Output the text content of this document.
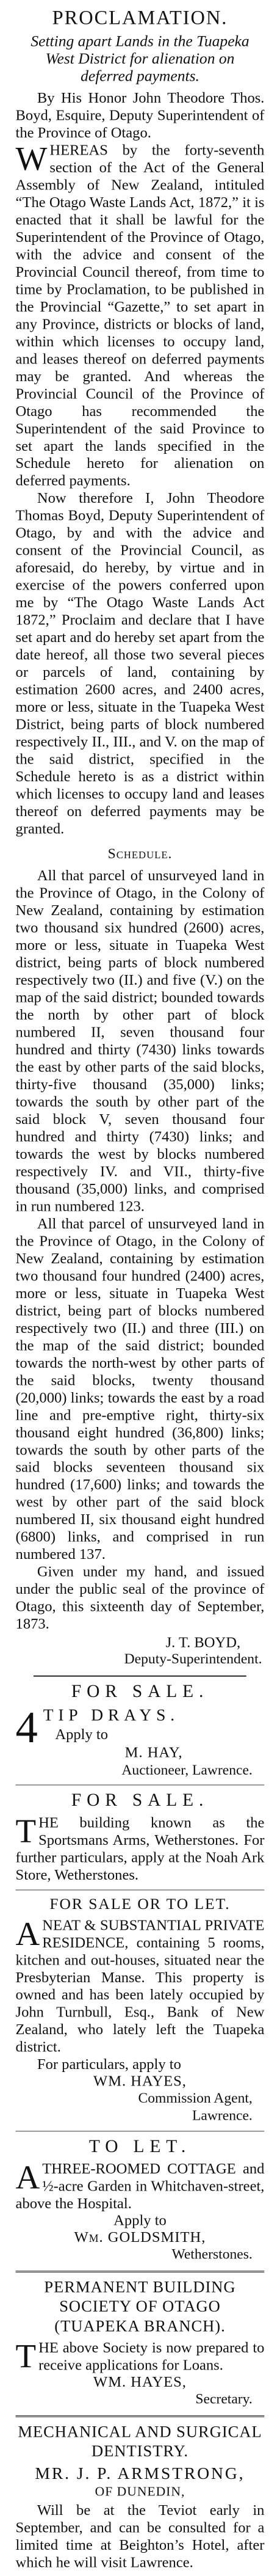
PROCLAMATION.

Setting apart Lands in the Tuapeka West District for alienation on deferred payments.

By His Honor John Theodore Thos. Boyd, Esquire, Deputy Superintendent of the Province of Otago.

WHEREAS by the forty-seventh section of the Act of the General Assembly of New Zealand, intituled “The Otago Waste Lands Act, 1872,” it is enacted that it shall be lawful for the Superintendent of the Province of Otago, with the advice and consent of the Provincial Council thereof, from time to time by Proclamation, to be published in the Provincial “Gazette,” to set apart in any Province, districts or blocks of land, within which licenses to occupy land, and leases thereof on deferred payments may be granted. And whereas the Provincial Council of the Province of Otago has recommended the Superintendent of the said Province to set apart the lands specified in the Schedule hereto for alienation on deferred payments.

Now therefore I, John Theodore Thomas Boyd, Deputy Superintendent of Otago, by and with the advice and consent of the Provincial Council, as aforesaid, do hereby, by virtue and in exercise of the powers conferred upon me by “The Otago Waste Lands Act 1872,” Proclaim and declare that I have set apart and do hereby set apart from the date hereof, all those two several pieces or parcels of land, containing by estimation 2600 acres, and 2400 acres, more or less, situate in the Tuapeka West District, being parts of block numbered respectively II., III., and V. on the map of the said district, specified in the Schedule hereto is as a district within which licenses to occupy land and leases thereof on deferred payments may be granted.

Schedule.

All that parcel of unsurveyed land in the Province of Otago, in the Colony of New Zealand, containing by estimation two thousand six hundred (2600) acres, more or less, situate in Tuapeka West district, being parts of block numbered respectively two (II.) and five (V.) on the map of the said district; bounded towards the north by other part of block numbered II, seven thousand four hundred and thirty (7430) links towards the east by other parts of the said blocks, thirty-five thousand (35,000) links; towards the south by other part of the said block V, seven thousand four hundred and thirty (7430) links; and towards the west by blocks numbered respectively IV. and VII., thirty-five thousand (35,000) links, and comprised in run numbered 123.

All that parcel of unsurveyed land in the Province of Otago, in the Colony of New Zealand, containing by estimation two thousand four hundred (2400) acres, more or less, situate in Tuapeka West district, being part of blocks numbered respectively two (II.) and three (III.) on the map of the said district; bounded towards the north-west by other parts of the said blocks, twenty thousand (20,000) links; towards the east by a road line and pre-emptive right, thirty-six thousand eight hundred (36,800) links; towards the south by other parts of the said blocks seventeen thousand six hundred (17,600) links; and towards the west by other part of the said block numbered II, six thousand eight hundred (6800) links, and comprised in run numbered 137.

Given under my hand, and issued under the public seal of the province of Otago, this sixteenth day of September, 1873.

J. T. BOYD,

Deputy-Superintendent.

FOR SALE.

4 TIP DRAYS.

Apply to

M. HAY,

Auctioneer, Lawrence.

FOR SALE.

THE building known as the Sportsmans Arms, Wetherstones. For further particulars, apply at the Noah Ark Store, Wetherstones.

FOR SALE OR TO LET.

ANEAT & SUBSTANTIAL PRIVATE RESIDENCE, containing 5 rooms, kitchen and out-houses, situated near the Presbyterian Manse. This property is owned and has been lately occupied by John Turnbull, Esq., Bank of New Zealand, who lately left the Tuapeka district.

For particulars, apply to

WM. HAYES,

Commission Agent,

Lawrence.

TO LET.

ATHREE-ROOMED COTTAGE and ½-acre Garden in Whitchaven-street, above the Hospital.

Apply to

Wm. GOLDSMITH,

Wetherstones.

PERMANENT BUILDING SOCIETY OF OTAGO (TUAPEKA BRANCH).

THE above Society is now prepared to receive applications for Loans.

WM. HAYES,

Secretary.

MECHANICAL AND SURGICAL DENTISTRY.

MR. J. P. ARMSTRONG,

OF DUNEDIN,

Will be at the Teviot early in September, and can be consulted for a limited time at Beighton’s Hotel, after which he will visit Lawrence.
